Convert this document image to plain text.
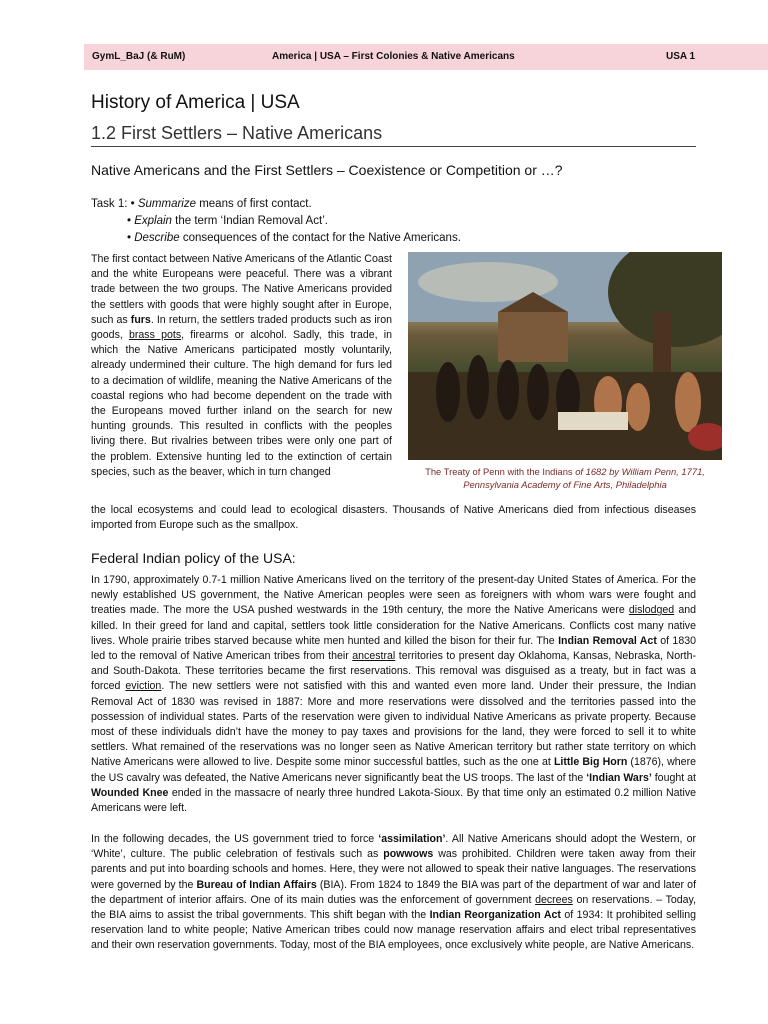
GymL_BaJ (& RuM)	America | USA – First Colonies & Native Americans	USA 1
History of America | USA
1.2 First Settlers – Native Americans
Native Americans and the First Settlers – Coexistence or Competition or …?
Task 1: • Summarize means of first contact.
• Explain the term ‘Indian Removal Act’.
• Describe consequences of the contact for the Native Americans.
The first contact between Native Americans of the Atlantic Coast and the white Europeans were peaceful. There was a vibrant trade between the two groups. The Native Americans provided the settlers with goods that were highly sought after in Europe, such as furs. In return, the settlers traded products such as iron goods, brass pots, firearms or alcohol. Sadly, this trade, in which the Native Americans participated mostly voluntarily, already undermined their culture. The high demand for furs led to a decimation of wildlife, meaning the Native Americans of the coastal regions who had become dependent on the trade with the Europeans moved further inland on the search for new hunting grounds. This resulted in conflicts with the peoples living there. But rivalries between tribes were only one part of the problem. Extensive hunting led to the extinction of certain species, such as the beaver, which in turn changed	The Treaty of Penn with the Indians of 1682 by William Penn, 1771, Pennsylvania Academy of Fine Arts, Philadelphia
the local ecosystems and could lead to ecological disasters. Thousands of Native Americans died from infectious diseases imported from Europe such as the smallpox.
Federal Indian policy of the USA:
In 1790, approximately 0.7-1 million Native Americans lived on the territory of the present-day United States of America. For the newly established US government, the Native American peoples were seen as foreigners with whom wars were fought and treaties made. The more the USA pushed westwards in the 19th century, the more the Native Americans were dislodged and killed. In their greed for land and capital, settlers took little consideration for the Native Americans. Conflicts cost many native lives. Whole prairie tribes starved because white men hunted and killed the bison for their fur. The Indian Removal Act of 1830 led to the removal of Native American tribes from their ancestral territories to present day Oklahoma, Kansas, Nebraska, North- and South-Dakota. These territories became the first reservations. This removal was disguised as a treaty, but in fact was a forced eviction. The new settlers were not satisfied with this and wanted even more land. Under their pressure, the Indian Removal Act of 1830 was revised in 1887: More and more reservations were dissolved and the territories passed into the possession of individual states. Parts of the reservation were given to individual Native Americans as private property. Because most of these individuals didn’t have the money to pay taxes and provisions for the land, they were forced to sell it to white settlers. What remained of the reservations was no longer seen as Native American territory but rather state territory on which Native Americans were allowed to live. Despite some minor successful battles, such as the one at Little Big Horn (1876), where the US cavalry was defeated, the Native Americans never significantly beat the US troops. The last of the ‘Indian Wars’ fought at Wounded Knee ended in the massacre of nearly three hundred Lakota-Sioux. By that time only an estimated 0.2 million Native Americans were left.
In the following decades, the US government tried to force ‘assimilation’. All Native Americans should adopt the Western, or ‘White’, culture. The public celebration of festivals such as powwows was prohibited. Children were taken away from their parents and put into boarding schools and homes. Here, they were not allowed to speak their native languages. The reservations were governed by the Bureau of Indian Affairs (BIA). From 1824 to 1849 the BIA was part of the department of war and later of the department of interior affairs. One of its main duties was the enforcement of government decrees on reservations. – Today, the BIA aims to assist the tribal governments. This shift began with the Indian Reorganization Act of 1934: It prohibited selling reservation land to white people; Native American tribes could now manage reservation affairs and elect tribal representatives and their own reservation governments. Today, most of the BIA employees, once exclusively white people, are Native Americans.
